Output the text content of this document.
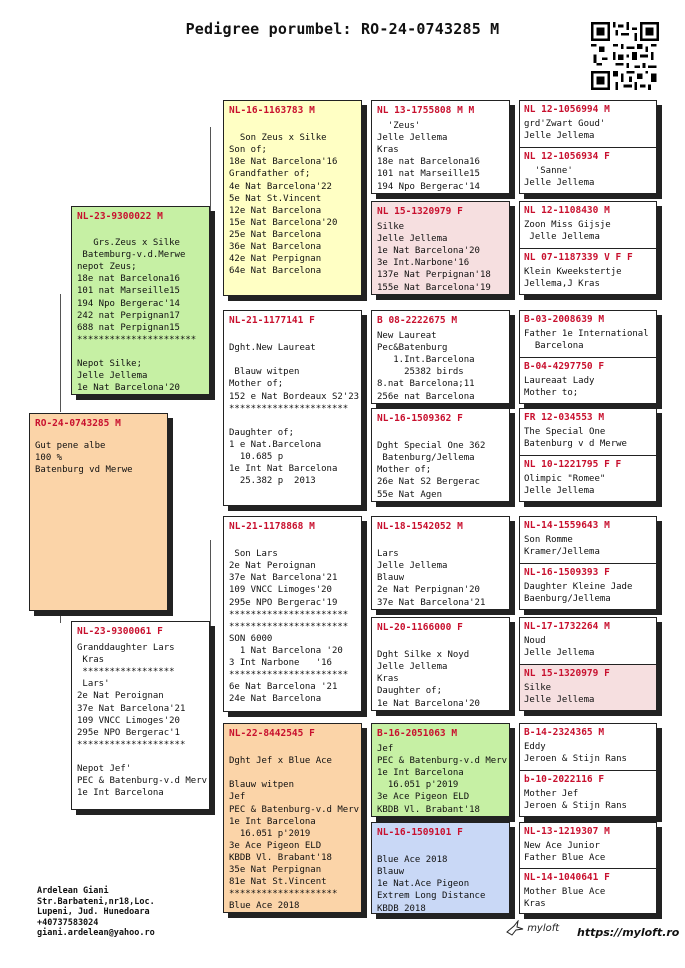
Pedigree porumbel: RO-24-0743285 M
RO-24-0743285 M
Gut pene albe
100 %
Batenburg vd Merwe
NL-23-9300022 M
Grs.Zeus x Silke
Batemburg-v.d.Merwe
nepot Zeus;
18e nat Barcelona16
101 nat Marseille15
194 Npo Bergerac'14
242 nat Perpignan17
688 nat Perpignan15
**********************

Nepot Silke;
Jelle Jellema
1e Nat Barcelona'20
NL-23-9300061 F
Granddaughter Lars
Kras
*****************
Lars'
2e Nat Peroignan
37e Nat Barcelona'21
109 VNCC Limoges'20
295e NPO Bergerac'1
********************

Nepot Jef'
PEC & Batenburg-v.d Merv
1e Int Barcelona
NL-16-1163783 M

Son Zeus x Silke
Son of;
18e Nat Barcelona'16
Grandfather of;
4e Nat Barcelona'22
5e Nat St.Vincent
12e Nat Barcelona
15e Nat Barcelona'20
25e Nat Barcelona
36e Nat Barcelona
42e Nat Perpignan
64e Nat Barcelona
NL-21-1177141 F

Dght.New Laureat

Blauw witpen
Mother of;
152 e Nat Bordeaux S2'23
**********************

Daughter of;
1 e Nat.Barcelona
10.685 p
1e Int Nat Barcelona
25.382 p  2013
NL-21-1178868 M

Son Lars
2e Nat Peroignan
37e Nat Barcelona'21
109 VNCC Limoges'20
295e NPO Bergerac'19
**********************
**********************
SON 6000
1 Nat Barcelona '20
3 Int Narbone   '16
**********************
6e Nat Barcelona '21
24e Nat Barcelona
NL-22-8442545 F

Dght Jef x Blue Ace

Blauw witpen
Jef
PEC & Batenburg-v.d Merv
1e Int Barcelona
16.051 p'2019
3e Ace Pigeon ELD
KBDB Vl. Brabant'18
35e Nat Perpignan
81e Nat St.Vincent
********************
Blue Ace 2018
NL 13-1755808 M M
'Zeus'
Jelle Jellema
Kras
18e nat Barcelona16
101 nat Marseille15
194 Npo Bergerac'14
NL 15-1320979 F
Silke
Jelle Jellema
1e Nat Barcelona'20
3e Int.Narbone'16
137e Nat Perpignan'18
155e Nat Barcelona'19
B 08-2222675 M
New Laureat
Pec&Batenburg
1.Int.Barcelona
25382 birds
8.nat Barcelona;11
256e nat Barcelona
NL-16-1509362 F

Dght Special One 362
Batenburg/Jellema
Mother of;
26e Nat S2 Bergerac
55e Nat Agen
NL-18-1542052 M

Lars
Jelle Jellema
Blauw
2e Nat Perpignan'20
37e Nat Barcelona'21
NL-20-1166000 F

Dght Silke x Noyd
Jelle Jellema
Kras
Daughter of;
1e Nat Barcelona'20
B-16-2051063 M
Jef
PEC & Batenburg-v.d Merv
1e Int Barcelona
16.051 p'2019
3e Ace Pigeon ELD
KBDB Vl. Brabant'18
NL-16-1509101 F

Blue Ace 2018
Blauw
1e Nat.Ace Pigeon
Extrem Long Distance
KBDB 2018
NL 12-1056994 M
grd'Zwart Goud'
Jelle Jellema
NL 12-1056934 F
'Sanne'
Jelle Jellema
NL 12-1108430 M
Zoon Miss Gijsje
Jelle Jellema
NL 07-1187339 V F F
Klein Kweekstertje
Jellema,J Kras
B-03-2008639 M
Father 1e International
Barcelona
B-04-4297750 F
Laureaat Lady
Mother to;
FR 12-034553 M
The Special One
Batenburg v d Merwe
NL 10-1221795 F F
Olimpic "Romee"
Jelle Jellema
NL-14-1559643 M
Son Romme
Kramer/Jellema
NL-16-1509393 F
Daughter Kleine Jade
Baenburg/Jellema
NL-17-1732264 M
Noud
Jelle Jellema
NL 15-1320979 F
Silke
Jelle Jellema
B-14-2324365 M
Eddy
Jeroen & Stijn Rans
b-10-2022116 F
Mother Jef
Jeroen & Stijn Rans
NL-13-1219307 M
New Ace Junior
Father Blue Ace
NL-14-1040641 F
Mother Blue Ace
Kras
Ardelean Giani
Str.Barbateni,nr18,Loc.
Lupeni, Jud. Hunedoara
+40737583024
giani.ardelean@yahoo.ro	myloft https://myloft.ro
